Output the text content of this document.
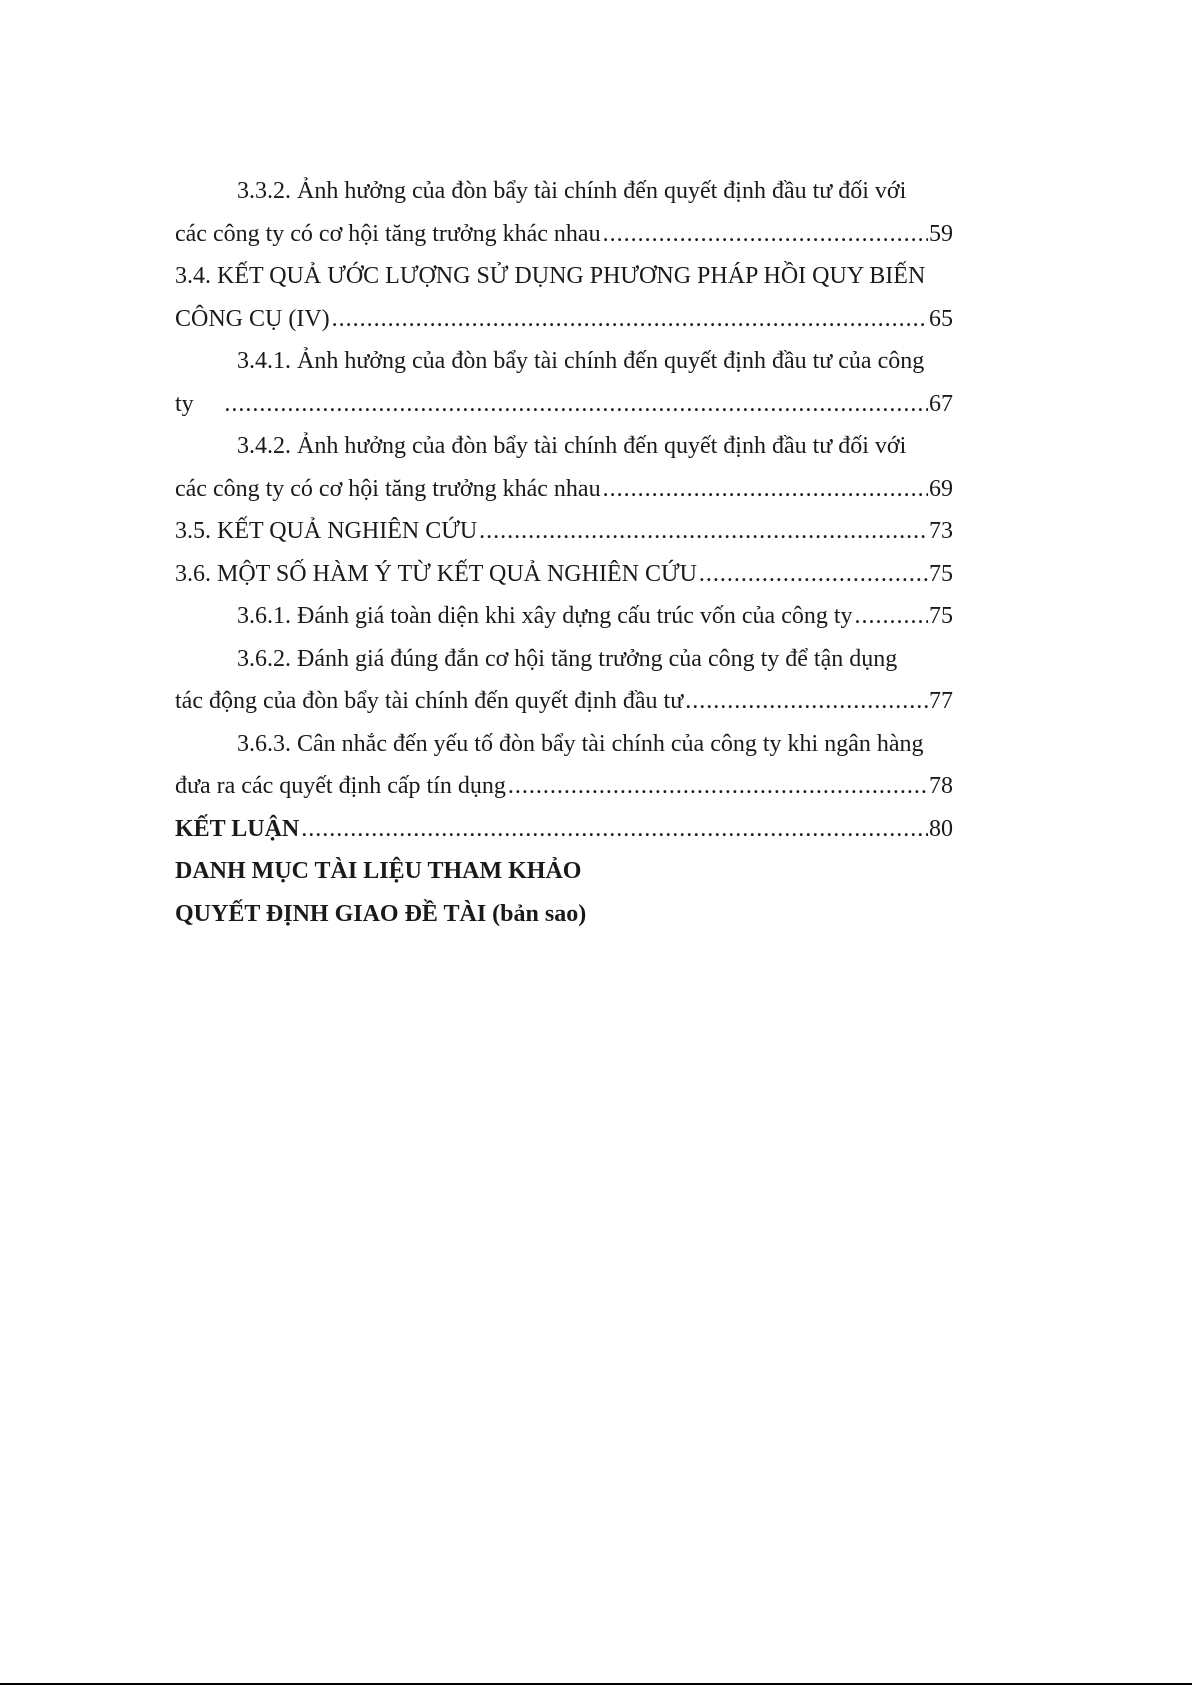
3.3.2. Ảnh hưởng của đòn bẩy tài chính đến quyết định đầu tư đối với
các công ty có cơ hội tăng trưởng khác nhau .....	59
3.4. KẾT QUẢ ƯỚC LƯỢNG SỬ DỤNG PHƯƠNG PHÁP HỒI QUY BIẾN
CÔNG CỤ (IV) .....	65
3.4.1. Ảnh hưởng của đòn bẩy tài chính đến quyết định đầu tư của công
ty .....	67
3.4.2. Ảnh hưởng của đòn bẩy tài chính đến quyết định đầu tư đối với
các công ty có cơ hội tăng trưởng khác nhau .....	69
3.5. KẾT QUẢ NGHIÊN CỨU .....	73
3.6. MỘT SỐ HÀM Ý TỪ KẾT QUẢ NGHIÊN CỨU .....	75
3.6.1. Đánh giá toàn diện khi xây dựng cấu trúc vốn của công ty .....	75
3.6.2. Đánh giá đúng đắn cơ hội tăng trưởng của công ty để tận dụng
tác động của đòn bẩy tài chính đến quyết định đầu tư .....	77
3.6.3. Cân nhắc đến yếu tố đòn bẩy tài chính của công ty khi ngân hàng
đưa ra các quyết định cấp tín dụng .....	78
KẾT LUẬN .....	80
DANH MỤC TÀI LIỆU THAM KHẢO
QUYẾT ĐỊNH GIAO ĐỀ TÀI (bản sao)
